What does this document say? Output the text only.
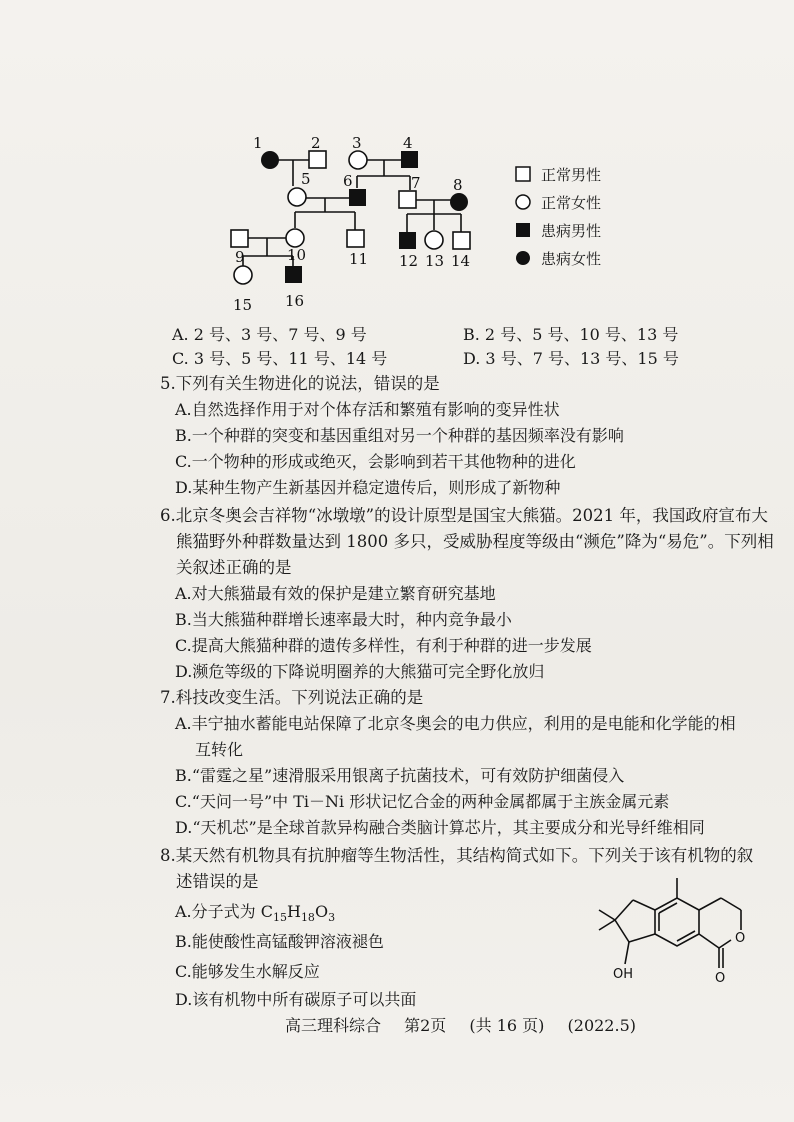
1	2 3	4
5 6	7 8
9	10	11 12 13 14
15 16
正常男性
正常女性
患病男性
患病女性
A. 2 号、3 号、7 号、9 号	B. 2 号、5 号、10 号、13 号
C. 3 号、5 号、11 号、14 号	D. 3 号、7 号、13 号、15 号
5.下列有关生物进化的说法，错误的是
A.自然选择作用于对个体存活和繁殖有影响的变异性状
B.一个种群的突变和基因重组对另一个种群的基因频率没有影响
C.一个物种的形成或绝灭，会影响到若干其他物种的进化
D.某种生物产生新基因并稳定遗传后，则形成了新物种
6.北京冬奥会吉祥物“冰墩墩”的设计原型是国宝大熊猫。2021 年，我国政府宣布大
熊猫野外种群数量达到 1800 多只，受威胁程度等级由“濒危”降为“易危”。下列相
关叙述正确的是
A.对大熊猫最有效的保护是建立繁育研究基地
B.当大熊猫种群增长速率最大时，种内竞争最小
C.提高大熊猫种群的遗传多样性，有利于种群的进一步发展
D.濒危等级的下降说明圈养的大熊猫可完全野化放归
7.科技改变生活。下列说法正确的是
A.丰宁抽水蓄能电站保障了北京冬奥会的电力供应，利用的是电能和化学能的相
互转化
B.“雷霆之星”速滑服采用银离子抗菌技术，可有效防护细菌侵入
C.“天问一号”中 Ti－Ni 形状记忆合金的两种金属都属于主族金属元素
D.“天机芯”是全球首款异构融合类脑计算芯片，其主要成分和光导纤维相同
8.某天然有机物具有抗肿瘤等生物活性，其结构简式如下。下列关于该有机物的叙
述错误的是
A.分子式为 $C_{15}H_{18}O_3$
B.能使酸性高锰酸钾溶液褪色
C.能够发生水解反应
D.该有机物中所有碳原子可以共面
OH
O
O
高三理科综合 第2页 (共 16 页) (2022.5)
